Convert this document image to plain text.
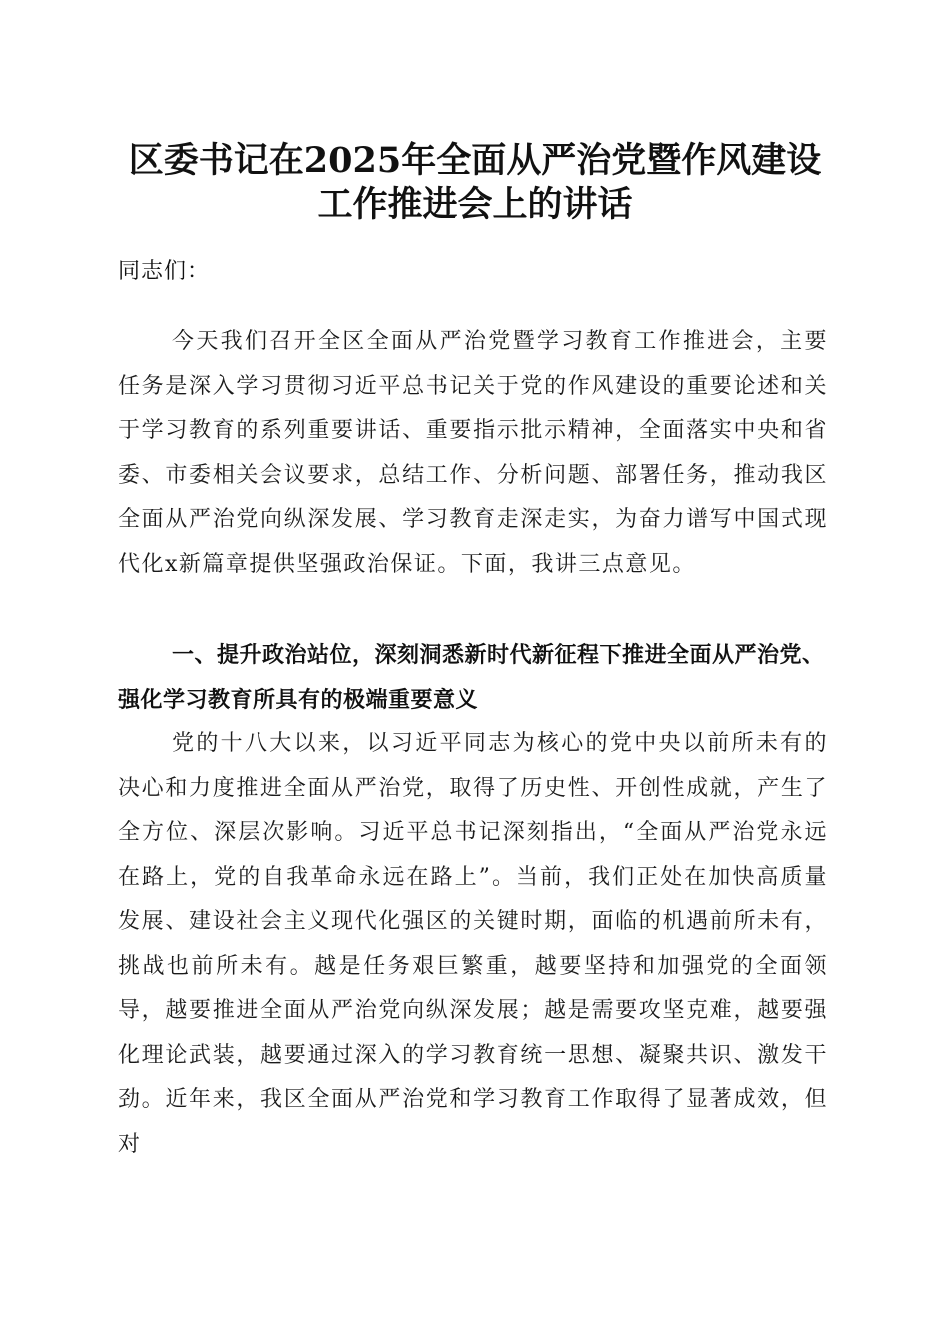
区委书记在2025年全面从严治党暨作风建设
工作推进会上的讲话
同志们：
今天我们召开全区全面从严治党暨学习教育工作推进会，主要任务是深入学习贯彻习近平总书记关于党的作风建设的重要论述和关于学习教育的系列重要讲话、重要指示批示精神，全面落实中央和省委、市委相关会议要求，总结工作、分析问题、部署任务，推动我区全面从严治党向纵深发展、学习教育走深走实，为奋力谱写中国式现代化x新篇章提供坚强政治保证。下面，我讲三点意见。
一、提升政治站位，深刻洞悉新时代新征程下推进全面从严治党、强化学习教育所具有的极端重要意义
党的十八大以来，以习近平同志为核心的党中央以前所未有的决心和力度推进全面从严治党，取得了历史性、开创性成就，产生了全方位、深层次影响。习近平总书记深刻指出，“全面从严治党永远在路上，党的自我革命永远在路上”。当前，我们正处在加快高质量发展、建设社会主义现代化强区的关键时期，面临的机遇前所未有，挑战也前所未有。越是任务艰巨繁重，越要坚持和加强党的全面领导，越要推进全面从严治党向纵深发展；越是需要攻坚克难，越要强化理论武装，越要通过深入的学习教育统一思想、凝聚共识、激发干劲。近年来，我区全面从严治党和学习教育工作取得了显著成效，但对
